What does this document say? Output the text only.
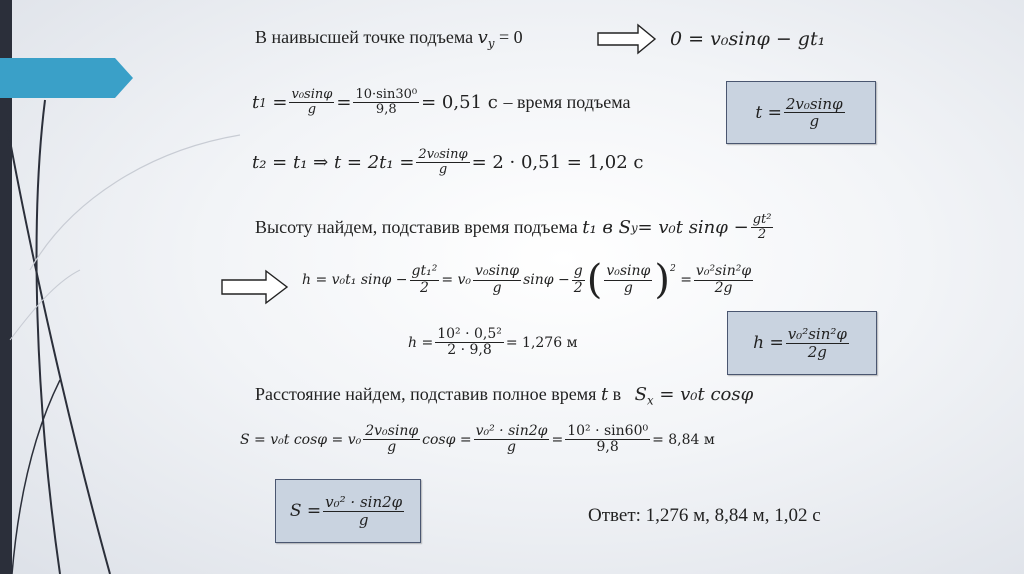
В наивысшей точке подъема $v_y = 0$	0 = v₀sinφ − gt₁
t $1 = \frac{\text{v₀sinφ}}{g} = \frac{\text{10·sin30⁰}}{9,8} = 0,51$ с
– время подъема
$t = \frac{\text{2v₀sinφ}}{g}$
t₂ = t₁ ⇒ $t = 2t_1 = \frac{\text{2v₀sinφ}}{g} = 2 \cdot 0,51 = 1,02$ с
Высоту найдем, подставив время подъема
t₁ в S y = v₀t $\sin\varphi - \frac{\text{gt²}}{2}$
h = v₀t₁ $\sin\varphi - \frac{\text{gt₁²}}{2} = v_0 \frac{\text{v₀sinφ}}{g}$ $\sin\varphi - \frac{g}{2}$ ( $\frac{\text{v₀sinφ}}{g} )^2$

= $\frac{\text{v₀²sin²φ}}{2g}$
$h = \frac{\text{10² · 0,5²}}{2 \cdot 9,8} = 1,276$ м	$h = \frac{\text{v₀²sin²φ}}{2g}$
Расстояние найдем, подставив полное время t в $S_x = v_0t$ cosφ
S = v₀t $\cos\varphi = v_0 \frac{\text{2v₀sinφ}}{g}$ $\cos\varphi = \frac{\text{v₀² · sin2φ}}{g} = \frac{\text{10² · sin60⁰}}{9,8} = 8,84$ м
$S = \frac{\text{v₀² · sin2φ}}{g}$	Ответ: 1,276 м, 8,84 м, 1,02 с
